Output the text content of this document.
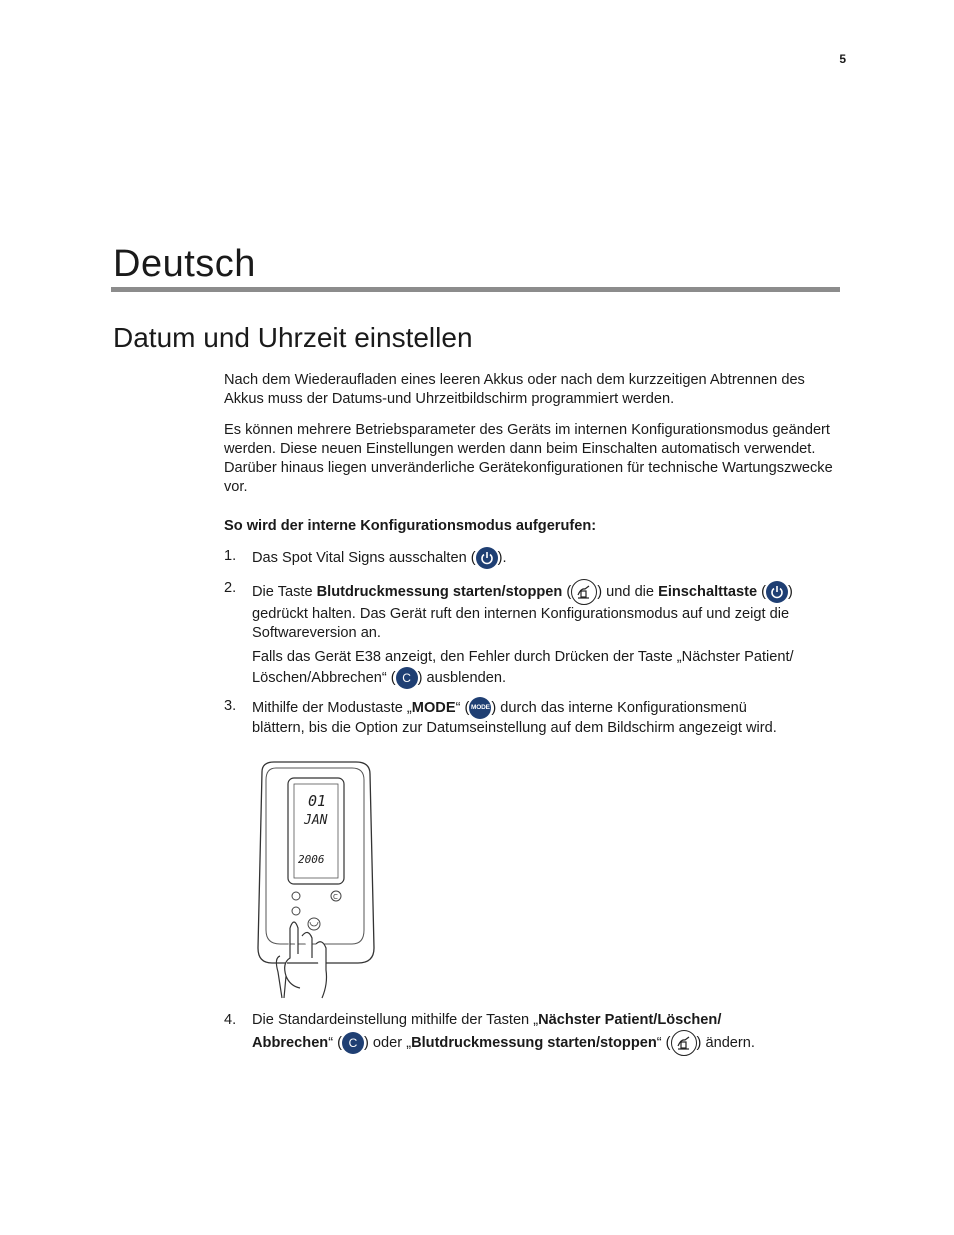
5
Deutsch
Datum und Uhrzeit einstellen

Nach dem Wiederaufladen eines leeren Akkus oder nach dem kurzzeitigen Abtrennen des Akkus muss der Datums-und Uhrzeitbildschirm programmiert werden.

Es können mehrere Betriebsparameter des Geräts im internen Konfigurationsmodus geändert werden. Diese neuen Einstellungen werden dann beim Einschalten automatisch verwendet. Darüber hinaus liegen unveränderliche Gerätekonfigurationen für technische Wartungszwecke vor.

So wird der interne Konfigurationsmodus aufgerufen:

1.	Das Spot Vital Signs ausschalten ( ).
2.	Die Taste Blutdruckmessung starten/stoppen ( ) und die Einschalttaste ( )
gedrückt halten. Das Gerät ruft den internen Konfigurationsmodus auf und zeigt die
Softwareversion an.
Falls das Gerät E38 anzeigt, den Fehler durch Drücken der Taste „Nächster Patient/
Löschen/Abbrechen“ ( C ) ausblenden.
3.	Mithilfe der Modustaste „MODE“ ( MODE ) durch das interne Konfigurationsmenü
blättern, bis die Option zur Datumseinstellung auf dem Bildschirm angezeigt wird.
01
JAN
2006
C
4.	Die Standardeinstellung mithilfe der Tasten „Nächster Patient/Löschen/
Abbrechen“ ( C ) oder „Blutdruckmessung starten/stoppen“ ( ) ändern.
